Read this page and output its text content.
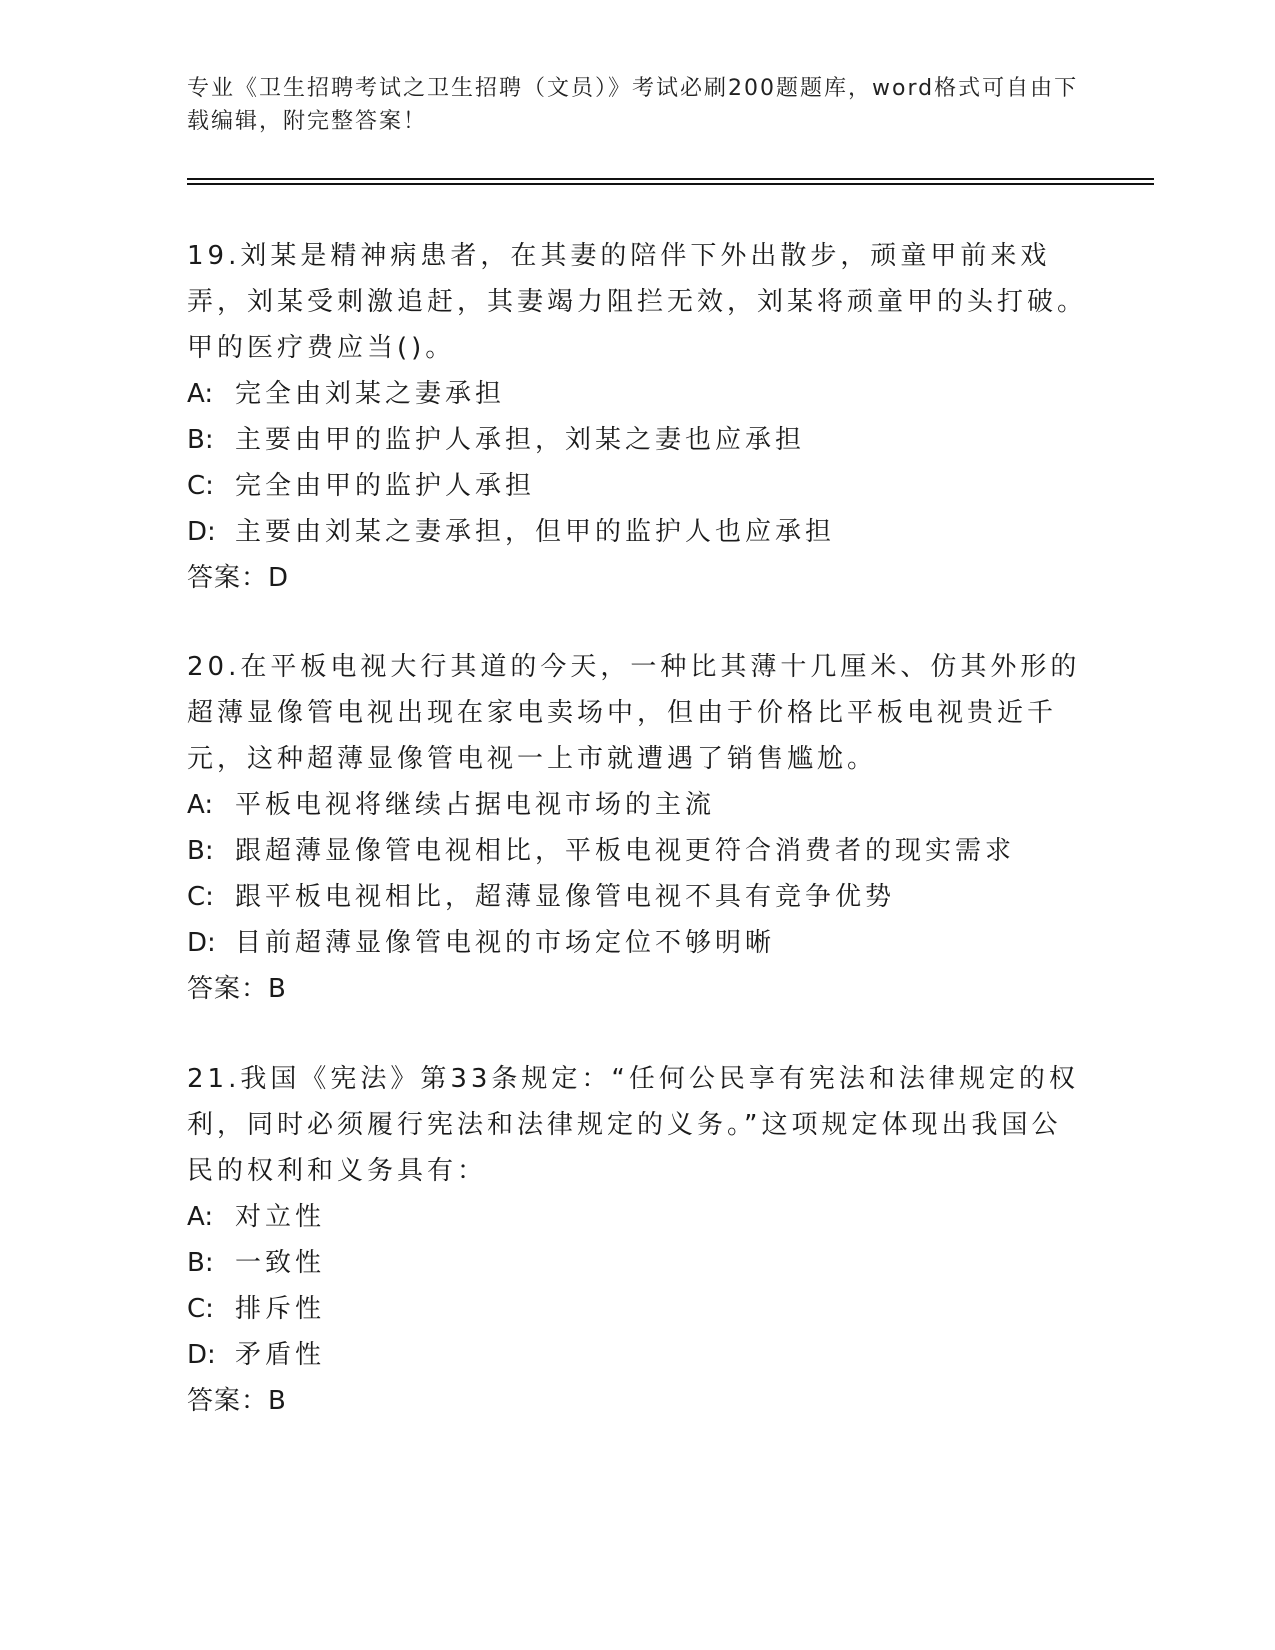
专业《卫生招聘考试之卫生招聘（文员）》考试必刷200题题库，word格式可自由下载编辑，附完整答案！

19.刘某是精神病患者，在其妻的陪伴下外出散步，顽童甲前来戏弄，刘某受刺激追赶，其妻竭力阻拦无效，刘某将顽童甲的头打破。甲的医疗费应当()。

A: 完全由刘某之妻承担
B: 主要由甲的监护人承担，刘某之妻也应承担
C: 完全由甲的监护人承担
D: 主要由刘某之妻承担，但甲的监护人也应承担
答案：D

20.在平板电视大行其道的今天，一种比其薄十几厘米、仿其外形的超薄显像管电视出现在家电卖场中，但由于价格比平板电视贵近千元，这种超薄显像管电视一上市就遭遇了销售尴尬。

A: 平板电视将继续占据电视市场的主流
B: 跟超薄显像管电视相比，平板电视更符合消费者的现实需求
C: 跟平板电视相比，超薄显像管电视不具有竞争优势
D: 目前超薄显像管电视的市场定位不够明晰
答案：B

21.我国《宪法》第33条规定：“任何公民享有宪法和法律规定的权利，同时必须履行宪法和法律规定的义务。”这项规定体现出我国公民的权利和义务具有：

A: 对立性
B: 一致性
C: 排斥性
D: 矛盾性
答案：B
